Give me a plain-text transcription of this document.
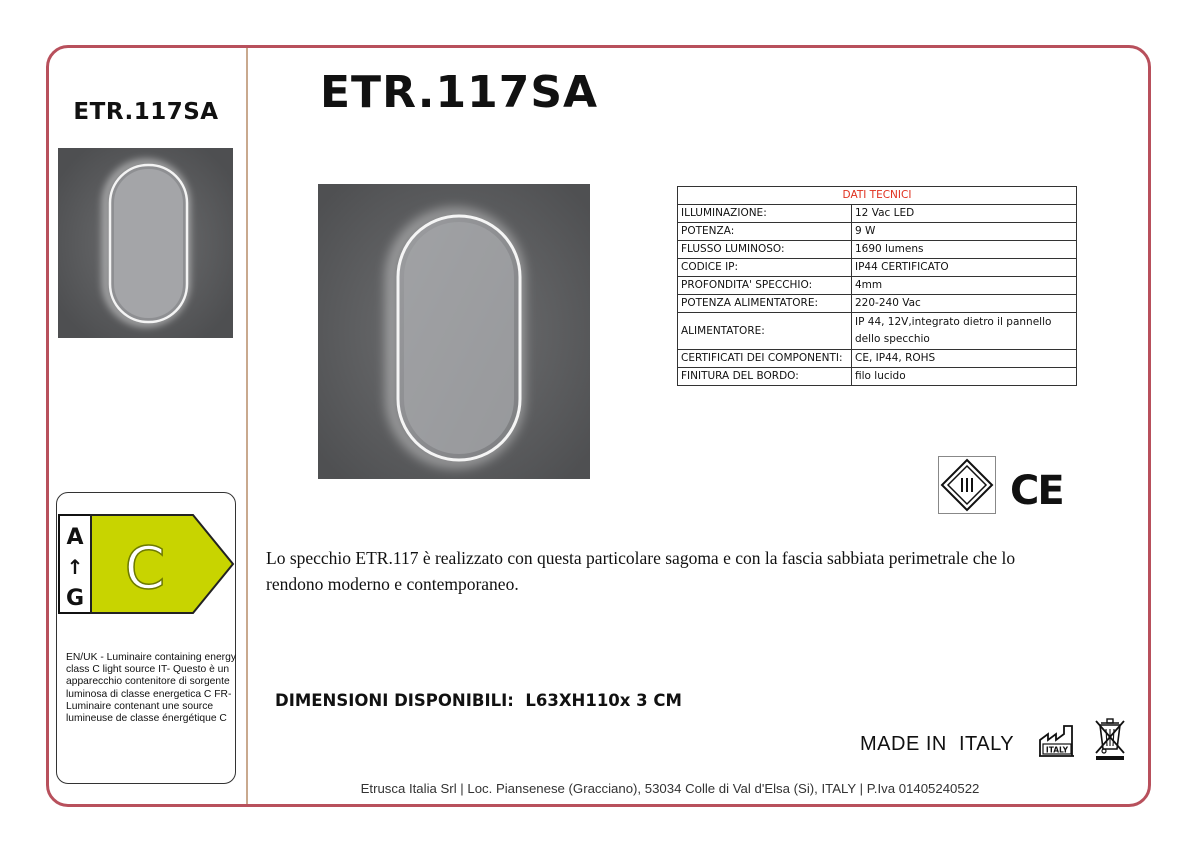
ETR.117SA
A
↑
G C
EN/UK - Luminaire containing energy class C light source IT- Questo è un apparecchio contenitore di sorgente luminosa di classe energetica C FR- Luminaire contenant une source lumineuse de classe énergétique C
ETR.117SA
DATI TECNICI	
ILLUMINAZIONE:	12 Vac LED
POTENZA:	9 W
FLUSSO LUMINOSO:	1690 lumens
CODICE IP:	IP44 CERTIFICATO
PROFONDITA' SPECCHIO:	4mm
POTENZA ALIMENTATORE:	220-240 Vac
ALIMENTATORE:	IP 44, 12V,integrato dietro il pannello dello specchio
CERTIFICATI DEI COMPONENTI:	CE, IP44, ROHS
FINITURA DEL BORDO:	filo lucido
CE
Lo specchio ETR.117 è realizzato con questa particolare sagoma e con la fascia sabbiata perimetrale che lo rendono moderno e contemporaneo.
DIMENSIONI DISPONIBILI: L63XH110x 3 CM
MADE IN  ITALY	ITALY
Etrusca Italia Srl | Loc. Piansenese (Gracciano), 53034 Colle di Val d'Elsa (Si), ITALY | P.Iva 01405240522
